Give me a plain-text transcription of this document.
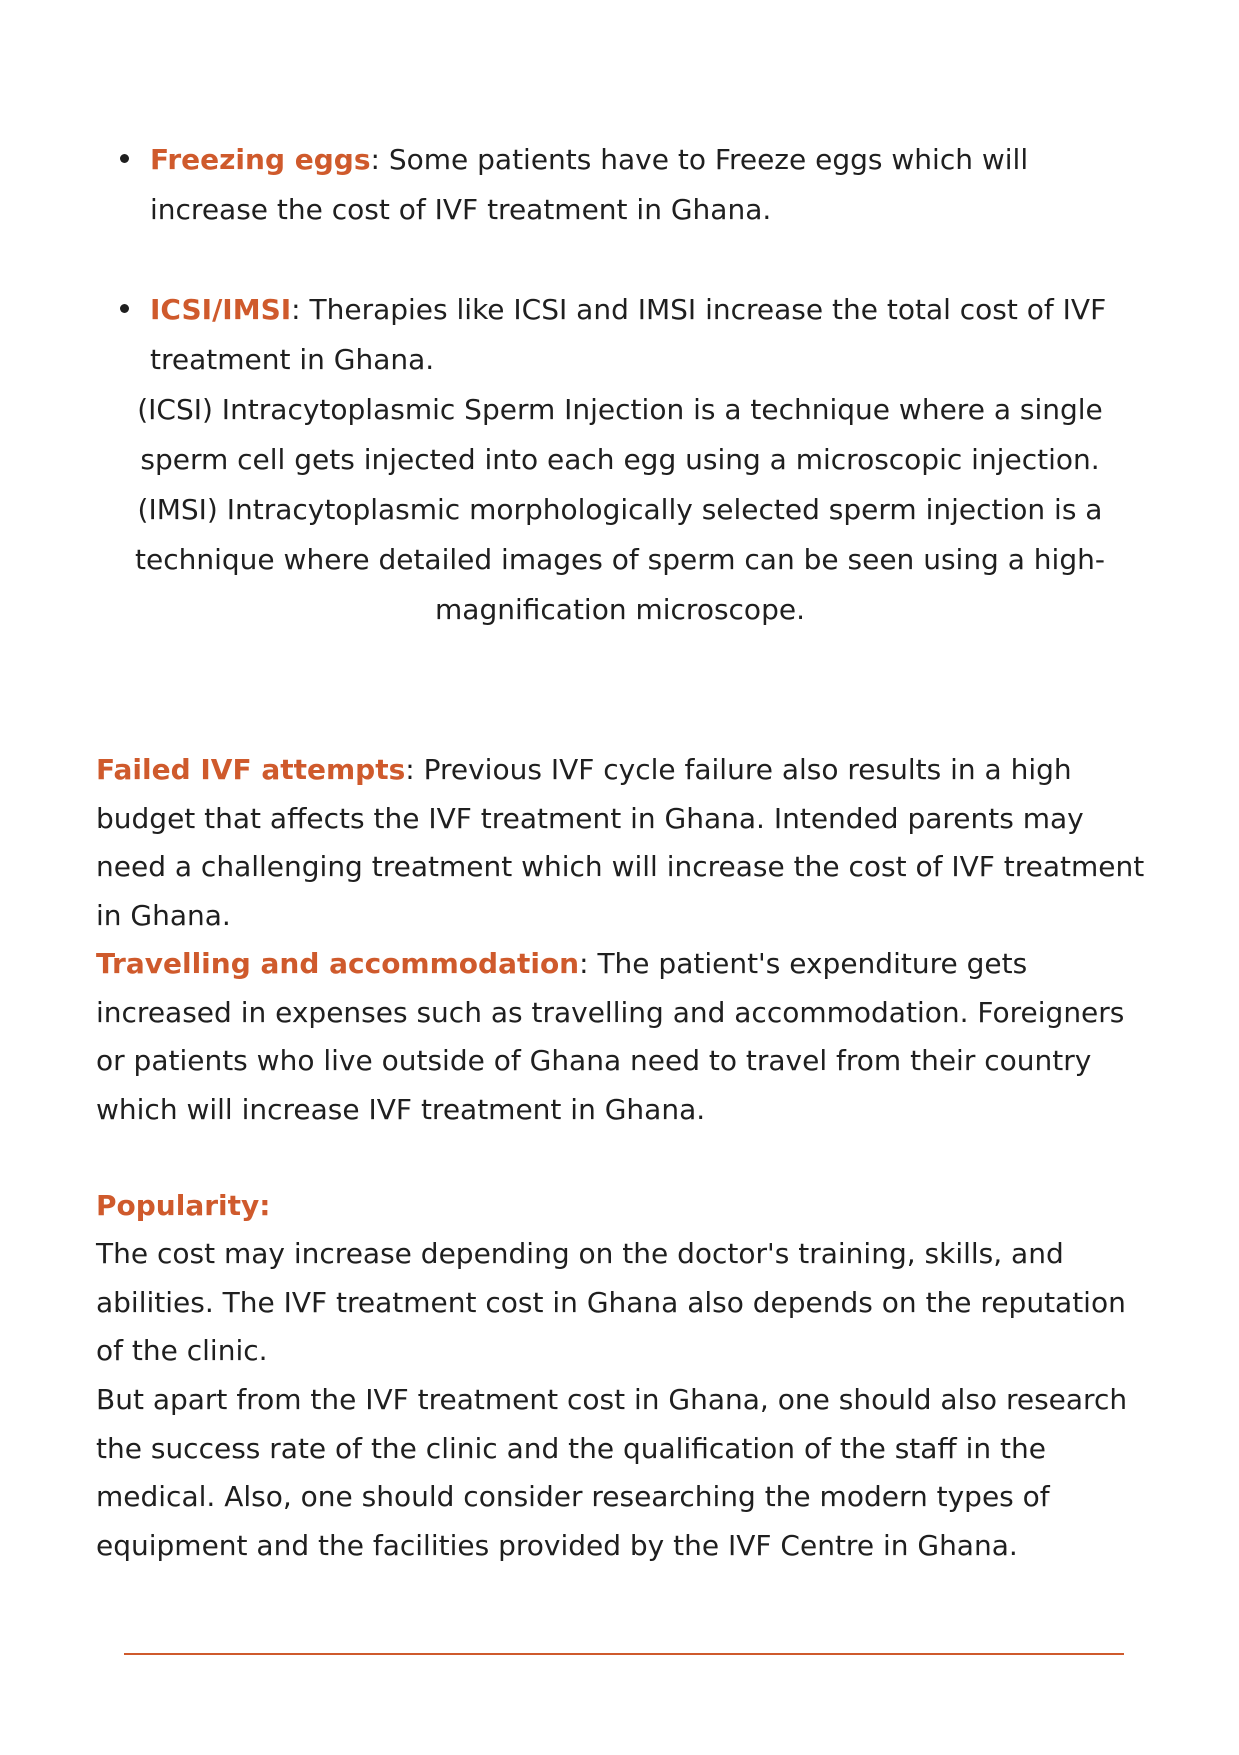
Freezing eggs: Some patients have to Freeze eggs which will increase the cost of IVF treatment in Ghana.
ICSI/IMSI: Therapies like ICSI and IMSI increase the total cost of IVF treatment in Ghana.
(ICSI) Intracytoplasmic Sperm Injection is a technique where a single sperm cell gets injected into each egg using a microscopic injection.
(IMSI) Intracytoplasmic morphologically selected sperm injection is a technique where detailed images of sperm can be seen using a high-magnification microscope.
Failed IVF attempts: Previous IVF cycle failure also results in a high budget that affects the IVF treatment in Ghana. Intended parents may need a challenging treatment which will increase the cost of IVF treatment in Ghana.
Travelling and accommodation: The patient's expenditure gets increased in expenses such as travelling and accommodation. Foreigners or patients who live outside of Ghana need to travel from their country which will increase IVF treatment in Ghana.
Popularity:
The cost may increase depending on the doctor's training, skills, and abilities. The IVF treatment cost in Ghana also depends on the reputation of the clinic.
But apart from the IVF treatment cost in Ghana, one should also research the success rate of the clinic and the qualification of the staff in the medical. Also, one should consider researching the modern types of equipment and the facilities provided by the IVF Centre in Ghana.
